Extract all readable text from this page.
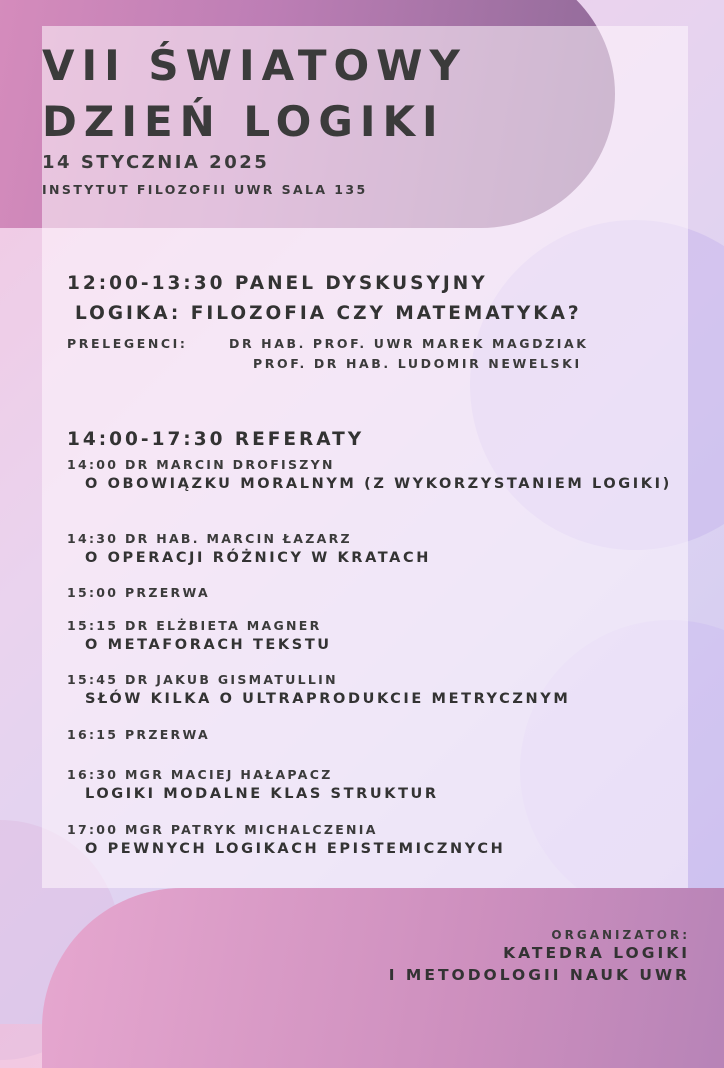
VII ŚWIATOWY
DZIEŃ LOGIKI
14 STYCZNIA 2025
INSTYTUT FILOZOFII UWR SALA 135
12:00-13:30 PANEL DYSKUSYJNY
LOGIKA: FILOZOFIA CZY MATEMATYKA?
PRELEGENCI:	DR HAB. PROF. UWR MAREK MAGDZIAK
PROF. DR HAB. LUDOMIR NEWELSKI
14:00-17:30 REFERATY
14:00 DR MARCIN DROFISZYN
O OBOWIĄZKU MORALNYM (Z WYKORZYSTANIEM LOGIKI)
14:30 DR HAB. MARCIN ŁAZARZ
O OPERACJI RÓŻNICY W KRATACH
15:00 PRZERWA
15:15 DR ELŻBIETA MAGNER
O METAFORACH TEKSTU
15:45 DR JAKUB GISMATULLIN
SŁÓW KILKA O ULTRAPRODUKCIE METRYCZNYM
16:15 PRZERWA
16:30 MGR MACIEJ HAŁAPACZ
LOGIKI MODALNE KLAS STRUKTUR
17:00 MGR PATRYK MICHALCZENIA
O PEWNYCH LOGIKACH EPISTEMICZNYCH
ORGANIZATOR:
KATEDRA LOGIKI
I METODOLOGII NAUK UWR
